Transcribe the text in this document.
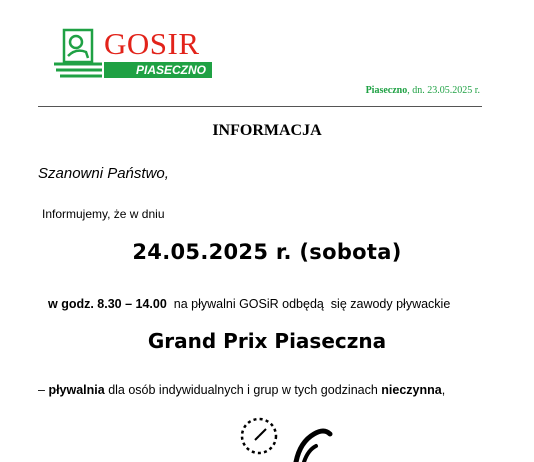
GOSIR
PIASECZNO
Piaseczno, dn. 23.05.2025 r.
INFORMACJA
Szanowni Państwo,
Informujemy, że w dniu
24.05.2025 r. (sobota)
w godz. 8.30 – 14.00  na pływalni GOSiR odbędą  się zawody pływackie
Grand Prix Piaseczna
– pływalnia dla osób indywidualnych i grup w tych godzinach nieczynna,
